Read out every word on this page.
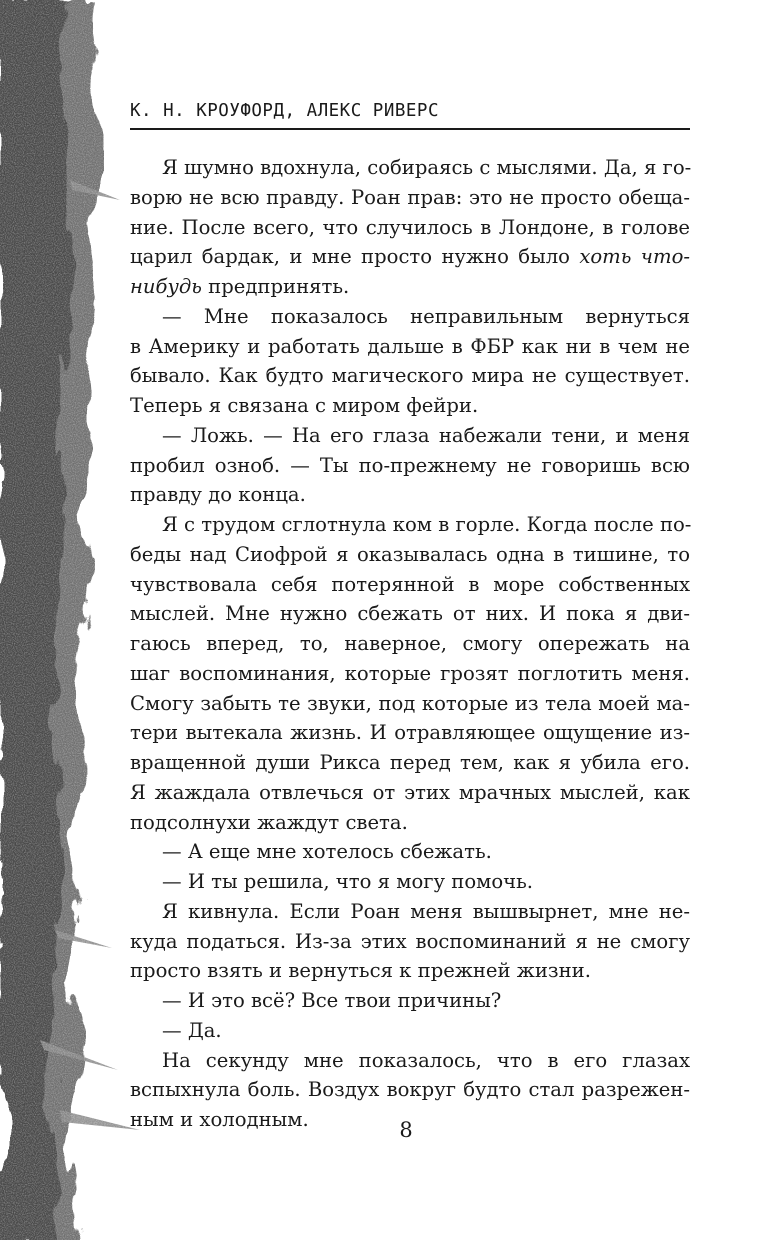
К. Н. КРОУФОРД, АЛЕКС РИВЕРС
Я шумно вдохнула, собираясь с мыслями. Да, я го-
ворю не всю правду. Роан прав: это не просто обеща-
ние. После всего, что случилось в Лондоне, в голове
царил бардак, и мне просто нужно было хоть что-
нибудь предпринять.
— Мне показалось неправильным вернуться
в Америку и работать дальше в ФБР как ни в чем не
бывало. Как будто магического мира не существует.
Теперь я связана с миром фейри.
— Ложь. — На его глаза набежали тени, и меня
пробил озноб. — Ты по-прежнему не говоришь всю
правду до конца.
Я с трудом сглотнула ком в горле. Когда после по-
беды над Сиофрой я оказывалась одна в тишине, то
чувствовала себя потерянной в море собственных
мыслей. Мне нужно сбежать от них. И пока я дви-
гаюсь вперед, то, наверное, смогу опережать на
шаг воспоминания, которые грозят поглотить меня.
Смогу забыть те звуки, под которые из тела моей ма-
тери вытекала жизнь. И отравляющее ощущение из-
вращенной души Рикса перед тем, как я убила его.
Я жаждала отвлечься от этих мрачных мыслей, как
подсолнухи жаждут света.
— А еще мне хотелось сбежать.
— И ты решила, что я могу помочь.
Я кивнула. Если Роан меня вышвырнет, мне не-
куда податься. Из-за этих воспоминаний я не смогу
просто взять и вернуться к прежней жизни.
— И это всё? Все твои причины?
— Да.
На секунду мне показалось, что в его глазах
вспыхнула боль. Воздух вокруг будто стал разрежен-
ным и холодным.	8
